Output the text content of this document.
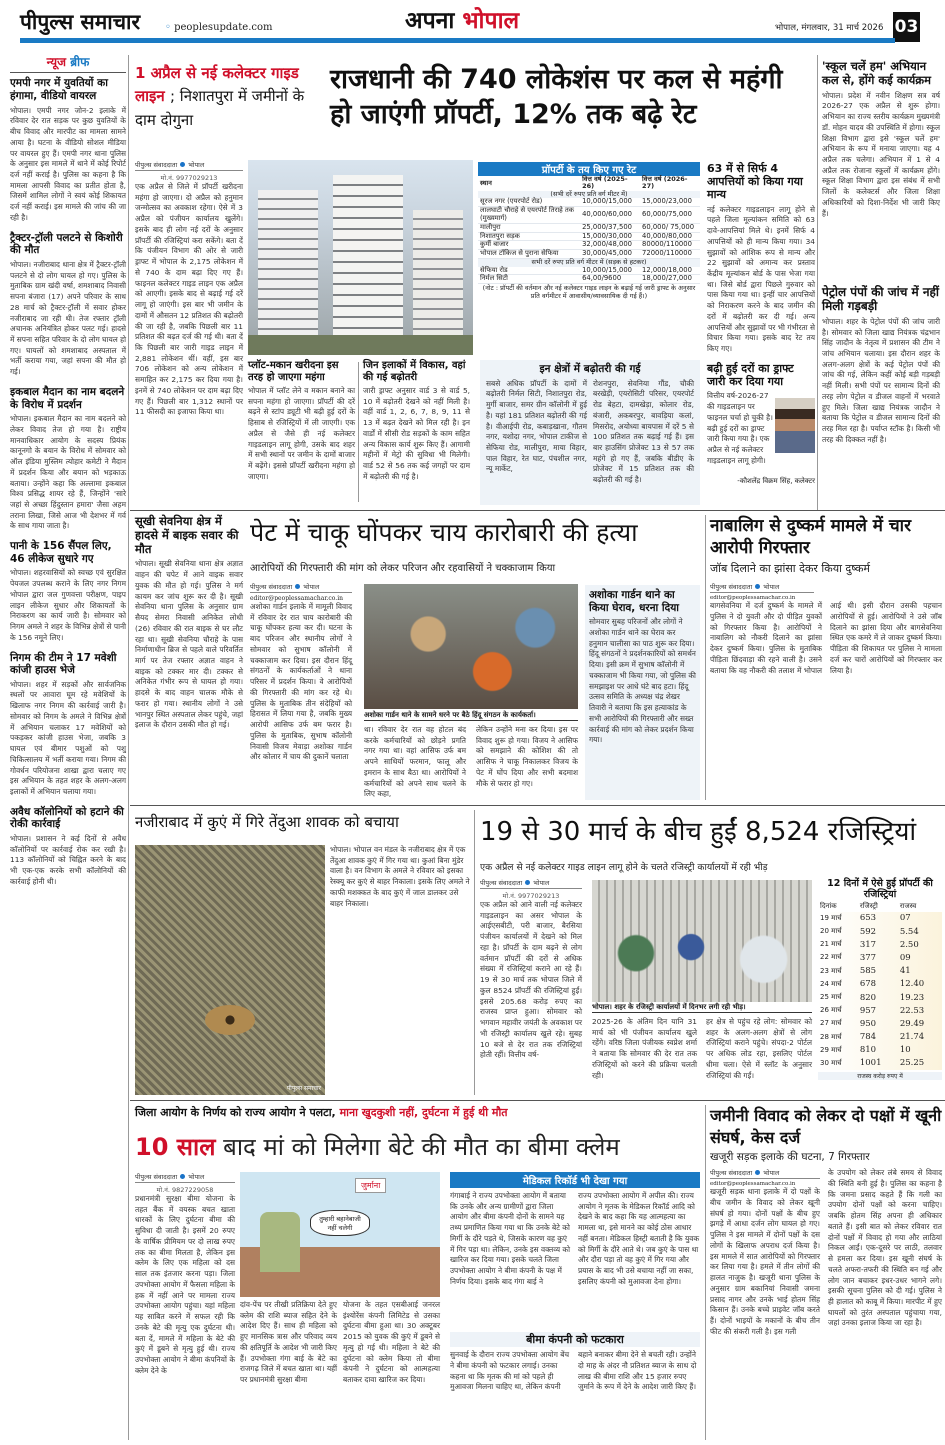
पीपुल्स समाचार ◦ peoplesupdate.com	अपना भोपाल	भोपाल, मंगलवार, 31 मार्च 2026 03
न्यूज ब्रीफ
एमपी नगर में युवतियों का हंगामा, वीडियो वायरल
भोपाल। एमपी नगर जोन-2 इलाके में रविवार देर रात सड़क पर कुछ युवतियों के बीच विवाद और मारपीट का मामला सामने आया है। घटना के वीडियो सोशल मीडिया पर वायरल हुए हैं। एमपी नगर थाना पुलिस के अनुसार इस मामले में थाने में कोई रिपोर्ट दर्ज नहीं कराई है। पुलिस का कहना है कि मामला आपसी विवाद का प्रतीत होता है, जिसमें शामिल लोगों ने स्वयं कोई शिकायत दर्ज नहीं कराई। इस मामले की जांच की जा रही है।
ट्रैक्टर-ट्रॉली पलटने से किशोरी की मौत
भोपाल। नजीराबाद थाना क्षेत्र में ट्रैक्टर-ट्रॉली पलटने से दो लोग घायल हो गए। पुलिस के मुताबिक ग्राम खंदी वर्षा, शमशाबाद निवासी सपना बंजारा (17) अपने परिवार के साथ 28 मार्च को ट्रैक्टर-ट्रॉली में सवार होकर नजीराबाद जा रही थी। तेज रफ्तार ट्रॉली अचानक अनियंत्रित होकर पलट गई। हादसे में सपना सहित परिवार के दो लोग घायल हो गए। घायलों को शमशाबाद अस्पताल में भर्ती कराया गया, जहां सपना की मौत हो गई।
इकबाल मैदान का नाम बदलने के विरोध में प्रदर्शन
भोपाल। इकबाल मैदान का नाम बदलने को लेकर विवाद तेज हो गया है। राष्ट्रीय मानवाधिकार आयोग के सदस्य प्रियंक कानूनगो के बयान के विरोध में सोमवार को ऑल इंडिया मुस्लिम त्योहार कमेटी ने मैदान में प्रदर्शन किया और बयान को भड़काऊ बताया। उन्होंने कहा कि अल्लामा इकबाल विश्व प्रसिद्ध शायर रहे हैं, जिन्होंने 'सारे जहां से अच्छा हिंदुस्तान हमारा' जैसा अहम तराना लिखा, जिसे आज भी देशभर में गर्व के साथ गाया जाता है।
पानी के 156 सैंपल लिए, 46 लीकेज सुधारे गए
भोपाल। शहरवासियों को स्वच्छ एवं सुरक्षित पेयजल उपलब्ध कराने के लिए नगर निगम भोपाल द्वारा जल गुणवत्ता परीक्षण, पाइप लाइन लीकेज सुधार और शिकायतों के निराकरण का कार्य जारी है। सोमवार को निगम अमले ने शहर के विभिन्न क्षेत्रों से पानी के 156 नमूने लिए।
निगम की टीम ने 17 मवेशी कांजी हाउस भेजे
भोपाल। शहर में सड़कों और सार्वजनिक स्थलों पर आवारा घूम रहे मवेशियों के खिलाफ नगर निगम की कार्रवाई जारी है। सोमवार को निगम के अमले ने विभिन्न क्षेत्रों में अभियान चलाकर 17 मवेशियों को पकड़कर कांजी हाउस भेजा, जबकि 3 घायल एवं बीमार पशुओं को पशु चिकित्सालय में भर्ती कराया गया। निगम की गोवर्धन परियोजना शाखा द्वारा चलाए गए इस अभियान के तहत शहर के अलग-अलग इलाकों में अभियान चलाया गया।
अवैध कॉलोनियों को हटाने की रोकी कार्रवाई
भोपाल। प्रशासन ने कई दिनों से अवैध कॉलोनियों पर कार्रवाई रोक कर रखी है। 113 कॉलोनियों को चिह्नित करने के बाद भी एक-एक करके सभी कॉलोनियों की कार्रवाई होनी थी।
1 अप्रैल से नई कलेक्टर गाइड लाइन ; निशातपुरा में जमीनों के दाम दोगुना
राजधानी की 740 लोकेशंस पर कल से महंगी हो जाएंगी प्रॉपर्टी, 12% तक बढ़े रेट
पीपुल्स संवाददाता भोपाल
मो.नं. 9977029213
एक अप्रैल से जिले में प्रॉपर्टी खरीदना महंगा हो जाएगा। दो अप्रैल को हनुमान जन्मोत्सव का अवकाश रहेगा। ऐसे में 3 अप्रैल को पंजीयन कार्यालय खुलेंगे। इसके बाद ही लोग नई दरों के अनुसार प्रॉपर्टी की रजिस्ट्रियां करा सकेंगे। बता दें कि पंजीयन विभाग की ओर से जारी ड्राफ्ट में भोपाल के 2,175 लोकेशन में से 740 के दाम बढ़ा दिए गए हैं। फाइनल कलेक्टर गाइड लाइन एक अप्रैल को आएगी। इसके बाद से बढ़ाई गई दरें लागू हो जाएंगी। इस बार भी जमीन के दामों में औसतन 12 प्रतिशत की बढ़ोतरी की जा रही है, जबकि पिछली बार 11 प्रतिशत की बढ़त दर्ज की गई थी। बता दें कि पिछली बार जारी गाइड लाइन में 2,881 लोकेशन थीं। वहीं, इस बार 706 लोकेशन को अन्य लोकेशन में समाहित कर 2,175 कर दिया गया है। इनमें से 740 लोकेशन पर दाम बढ़ा दिए गए हैं। पिछली बार 1,312 स्थानों पर 11 फीसदी का इजाफा किया था।
प्रॉपर्टी के तय किए गए रेट
स्थान	वित्त वर्ष (2025-26)	वित्त वर्ष (2026-27)
(सभी दरें रुपए प्रति वर्ग मीटर में)		
सूरज नगर (एयरपोर्ट रोड)	10,000/15,000	15,000/23,000
लालघाटी चौराहे से एयरपोर्ट तिराहे तक (मुख्यमार्ग)	40,000/60,000	60,000/75,000
मालीपुरा	25,000/37,500	60,000/ 75,000
निशातपुरा सड़क	15,000/30,000	40,000/80,000
कुर्मी बाजार	32,000/48,000	80000/110000
भोपाल टॉकिज से पुराना सेफिया	30,000/45,000	72000/110000
सभी दरें रुपए प्रति वर्ग मीटर में (सड़क से हटकर)		
सेफिया रोड	10,000/15,000	12,000/18,000
निर्मल सिटी	64,00/9600	18,000/27,000
(नोट : प्रॉपर्टी की वर्तमान और नई कलेक्टर गाइड लाइन के बढ़ाई गई जारी ड्राफ्ट के अनुसार प्रति वर्गमीटर में आवासीय/व्यावसायिक दी गई हैं।)
63 में से सिर्फ 4 आपत्तियों को किया गया मान्य
नई कलेक्टर गाइडलाइन लागू होने से पहले जिला मूल्यांकन समिति को 63 दावे-आपत्तियां मिले थे। इनमें सिर्फ 4 आपत्तियों को ही मान्य किया गया। 34 सुझावों को आंशिक रूप से मान्य और 22 सुझावों को अमान्य कर प्रस्ताव केंद्रीय मूल्यांकन बोर्ड के पास भेजा गया था। जिसे बोर्ड द्वारा पिछले गुरुवार को पास किया गया था। इन्हीं चार आपत्तियों को निराकरण करने के बाद जमीन की दरों में बढ़ोतरी कर दी गई। अन्य आपत्तियों और सुझावों पर भी गंभीरता से विचार किया गया। इसके बाद रेट तय किए गए।
बढ़ी हुई दरों का ड्राफ्ट जारी कर दिया गया
वित्तीय वर्ष-2026-27 की गाइडलाइन पर फाइनल चर्चा हो चुकी है। बढ़ी हुई दरों का ड्राफ्ट जारी किया गया है। एक अप्रैल से नई कलेक्टर गाइडलाइन लागू होगी।
-कौशलेंद्र विक्रम सिंह, कलेक्टर
'स्कूल चलें हम' अभियान कल से, होंगे कई कार्यक्रम
भोपाल। प्रदेश में नवीन शिक्षण सत्र वर्ष 2026-27 एक अप्रैल से शुरू होगा। अभियान का राज्य स्तरीय कार्यक्रम मुख्यमंत्री डॉ. मोहन यादव की उपस्थिति में होगा। स्कूल शिक्षा विभाग द्वारा इसे 'स्कूल चलें हम' अभियान के रूप में मनाया जाएगा। यह 4 अप्रैल तक चलेगा। अभियान में 1 से 4 अप्रैल तक रोजाना स्कूलों में कार्यक्रम होंगे। स्कूल शिक्षा विभाग द्वारा इस संबंध में सभी जिलों के कलेक्टर्स और जिला शिक्षा अधिकारियों को दिशा-निर्देश भी जारी किए हैं।
पेट्रोल पंपों की जांच में नहीं मिली गड़बड़ी
भोपाल। शहर के पेट्रोल पंपों की जांच जारी है। सोमवार को जिला खाद्य नियंत्रक चंद्रभान सिंह जादौन के नेतृत्व में प्रशासन की टीम ने जांच अभियान चलाया। इस दौरान शहर के अलग-अलग क्षेत्रों के कई पेट्रोल पंपों की जांच की गई, लेकिन कहीं कोई बड़ी गड़बड़ी नहीं मिली। सभी पंपों पर सामान्य दिनों की तरह लोग पेट्रोल व डीजल वाहनों में भरवाते हुए मिले। जिला खाद्य नियंत्रक जादौन ने बताया कि पेट्रोल व डीजल सामान्य दिनों की तरह मिल रहा है। पर्याप्त स्टॉक है। किसी भी तरह की दिक्कत नहीं है।
प्लॉट-मकान खरीदना इस तरह हो जाएगा महंगा
भोपाल में प्लॉट लेने व मकान बनाने का सपना महंगा हो जाएगा। प्रॉपर्टी की दरें बढ़ने से स्टांप ड्यूटी भी बढ़ी हुई दरों के हिसाब से रजिस्ट्रियों में ली जाएगी। एक अप्रैल से जैसे ही नई कलेक्टर गाइडलाइन लागू होगी, उसके बाद शहर में सभी स्थानों पर जमीन के दामों बाजार में बढ़ेंगे। इससे प्रॉपर्टी खरीदना महंगा हो जाएगा।
जिन इलाकों में विकास, वहां की गई बढ़ोतरी
जारी ड्राफ्ट अनुसार वार्ड 3 से वार्ड 5, 10 में बढ़ोतरी देखने को नहीं मिली है। वहीं वार्ड 1, 2, 6, 7, 8, 9, 11 से 13 में बढ़त देखने को मिल रही है। इन वार्डों में सीसी रोड सड़कों के काम सहित अन्य विकास कार्य शुरू किए हैं। आगामी महीनों में मेट्रो की सुविधा भी मिलेगी। वार्ड 52 से 56 तक कई जगहों पर दाम में बढ़ोतरी की गई है।
इन क्षेत्रों में बढ़ोतरी की गई
सबसे अधिक प्रॉपर्टी के दामों में बढ़ोतरी निर्मल सिटी, निशातपुरा रोड, मुर्गी बाजार, समर ग्रीन कॉलोनी में हुई है। यहां 181 प्रतिशत बढ़ोतरी की गई है। वीआईपी रोड, कबाड़खाना, गौतम नगर, यशोदा नगर, भोपाल टाकीज से सेफिया रोड, मालीपुरा, माया विहार, पाल विहार, रेत घाट, पंचशील नगर, न्यू मार्केट,
रोशनपुरा, सेवनिया गौंड, चौकी बरखेड़ी, एयरोसिटी परिसर, एयरपोर्ट रोड बेहटा, दामखेड़ा, कोलार रोड, बंजारी, अकबरपुर, बावड़िया कलां, मिसरोद, अयोध्या बायपास में दरें 5 से 100 प्रतिशत तक बढ़ाई गई हैं। इस बार हाउसिंग प्रोजेक्ट 13 से 57 तक महंगे हो गए हैं, जबकि बीडीए के प्रोजेक्ट में 15 प्रतिशत तक की बढ़ोतरी की गई है।
सूखी सेवनिया क्षेत्र में हादसे में बाइक सवार की मौत
भोपाल। सूखी सेवनिया थाना क्षेत्र अज्ञात वाहन की चपेट में आने वाइक सवार युवक की मौत हो गई। पुलिस ने मर्ग कायम कर जांच शुरू कर दी है। सूखी सेवनिया थाना पुलिस के अनुसार ग्राम सैयद सेमरा निवासी अनिकेत लोधी (26) रविवार की रात बाइक से घर लौट रहा था। सूखी सेवनिया चौराहे के पास निर्माणाधीन ब्रिज से पहले वाले परिवर्तित मार्ग पर तेज रफ्तार अज्ञात वाहन ने बाइक को टक्कर मार दी। टक्कर से अनिकेत गंभीर रूप से घायल हो गया। हादसे के बाद वाहन चालक मौके से फरार हो गया। स्थानीय लोगों ने उसे भानपुर स्थित अस्पताल लेकर पहुंचे, जहां इलाज के दौरान उसकी मौत हो गई।
पेट में चाकू घोंपकर चाय कारोबारी की हत्या
आरोपियों की गिरफ्तारी की मांग को लेकर परिजन और रहवासियों ने चक्काजाम किया
पीपुल्स संवाददाता भोपाल
editor@peoplessamachar.co.in
अशोका गार्डन इलाके में मामूली विवाद में रविवार देर रात चाय कारोबारी की चाकू घोंपकर हत्या कर दी। घटना के बाद परिजन और स्थानीय लोगों ने सोमवार को सुभाष कॉलोनी में चक्काजाम कर दिया। इस दौरान हिंदू संगठनों के कार्यकर्ताओं ने थाना परिसर में प्रदर्शन किया। वे आरोपियों की गिरफ्तारी की मांग कर रहे थे। पुलिस के मुताबिक तीन संदेहियों को हिरासत में लिया गया है, जबकि मुख्य आरोपी आसिफ उर्फ बम फरार है। पुलिस के मुताबिक, सुभाष कॉलोनी निवासी विजय मेवाड़ा अशोका गार्डन और कोलार में चाय की दुकानें चलाता
अशोका गार्डन थाने के सामने धरने पर बैठे हिंदू संगठन के कार्यकर्ता।
था। रविवार देर रात वह होटल बंद करके कर्मचारियों को छोड़ने प्रगति नगर गया था। वहां आसिफ उर्फ बम अपने साथियों फरमान, फालू और इमरान के साथ बैठा था। आरोपियों ने कर्मचारियों को अपने साथ चलने के लिए कहा,
लेकिन उन्होंने मना कर दिया। इस पर विवाद शुरू हो गया। विजय ने आसिफ को समझाने की कोशिश की तो आसिफ ने चाकू निकालकर विजय के पेट में घोंप दिया और सभी बदमाश मौके से फरार हो गए।
अशोका गार्डन थाने का किया घेराव, धरना दिया
सोमवार सुबह परिजनों और लोगों ने अशोका गार्डन थाने का घेराव कर हनुमान चालीसा का पाठ शुरू कर दिया। हिंदू संगठनों ने प्रदर्शनकारियों को समर्थन दिया। इसी क्रम में सुभाष कॉलोनी में चक्काजाम भी किया गया, जो पुलिस की समझाइश पर आधे घंटे बाद हटा। हिंदू उत्सव समिति के अध्यक्ष चंद्र शेखर तिवारी ने बताया कि इस हत्याकांड के सभी आरोपियों की गिरफ्तारी और सख्त कार्रवाई की मांग को लेकर प्रदर्शन किया गया।
नाबालिग से दुष्कर्म मामले में चार आरोपी गिरफ्तार
जॉब दिलाने का झांसा देकर किया दुष्कर्म
पीपुल्स संवाददाता भोपाल
editor@peoplessamachar.co.in
बागसेवनिया में दर्ज दुष्कर्म के मामले में पुलिस ने दो युवती और दो पीड़ित युवकों को गिरफ्तार किया है। आरोपियों ने नाबालिग को नौकरी दिलाने का झांसा देकर दुष्कर्म किया। पुलिस के मुताबिक पीड़िता छिंदवाड़ा की रहने वाली है। उसने बताया कि वह नौकरी की तलाश में भोपाल आई थी। इसी दौरान उसकी पहचान आरोपियों से हुई। आरोपियों ने उसे जॉब दिलाने का झांसा दिया और बागसेवनिया स्थित एक कमरे में ले जाकर दुष्कर्म किया। पीड़िता की शिकायत पर पुलिस ने मामला दर्ज कर चारों आरोपियों को गिरफ्तार कर लिया है।
नजीराबाद में कुएं में गिरे तेंदुआ शावक को बचाया
पीपुल्स समाचार
भोपाल। भोपाल वन मंडल के नजीराबाद क्षेत्र में एक तेंदुआ शावक कुएं में गिर गया था। कुआं बिना मुंडेर वाला है। वन विभाग के अमले ने रविवार को इसका रेस्क्यू कर कुएं से बाहर निकाला। इसके लिए अमले ने काफी मशक्कत के बाद कुएं में जाल डालकर उसे बाहर निकाला।
19 से 30 मार्च के बीच हुईं 8,524 रजिस्ट्रियां
एक अप्रैल से नई कलेक्टर गाइड लाइन लागू होने के चलते रजिस्ट्री कार्यालयों में रही भीड़
पीपुल्स संवाददाता भोपाल
मो.नं. 9977029213
एक अप्रैल को आने वाली नई कलेक्टर गाइडलाइन का असर भोपाल के आईएसबीटी, परी बाजार, बैरसिया पंजीयन कार्यालयों में देखने को मिल रहा है। प्रॉपर्टी के दाम बढ़ने से लोग वर्तमान प्रॉपर्टी की दरों से अधिक संख्या में रजिस्ट्रियां कराने आ रहे हैं। 19 से 30 मार्च तक भोपाल जिले में कुल 8524 प्रॉपर्टी की रजिस्ट्रियां हुईं। इससे 205.68 करोड़ रुपए का राजस्व प्राप्त हुआ। सोमवार को भगवान महावीर जयंती के अवकाश पर भी रजिस्ट्री कार्यालय खुले रहे। सुबह 10 बजे से देर रात तक रजिस्ट्रियां होती रहीं। वित्तीय वर्ष-
भोपाल। शहर के रजिस्ट्री कार्यालयों में दिनभर लगी रही भीड़।
2025-26 के अंतिम दिन यानि 31 मार्च को भी पंजीयन कार्यालय खुले रहेंगे। वरिष्ठ जिला पंजीयक स्वप्नेश शर्मा ने बताया कि सोमवार की देर रात तक रजिस्ट्रियों को करने की प्रक्रिया चलती रही।
हर क्षेत्र से पहुंच रहे लोग: सोमवार को शहर के अलग-अलग क्षेत्रों से लोग रजिस्ट्रियां कराने पहुंचे। संपदा-2 पोर्टल पर अधिक लोड रहा, इसलिए पोर्टल धीमा चला। ऐसे में स्लॉट के अनुसार रजिस्ट्रियां की गईं।
12 दिनों में ऐसे हुई प्रॉपर्टी की रजिस्ट्रियां
दिनांक	रजिस्ट्री	राजस्व
19 मार्च	653	07
20 मार्च	592	5.54
21 मार्च	317	2.50
22 मार्च	377	09
23 मार्च	585	41
24 मार्च	678	12.40
25 मार्च	820	19.23
26 मार्च	957	22.53
27 मार्च	950	29.49
28 मार्च	784	21.74
29 मार्च	810	10
30 मार्च	1001	25.25
राजस्व करोड़ रुपए में
जिला आयोग के निर्णय को राज्य आयोग ने पलटा, माना खुदकुशी नहीं, दुर्घटना में हुई थी मौत
10 साल बाद मां को मिलेगा बेटे की मौत का बीमा क्लेम
पीपुल्स संवाददाता भोपाल
मो.नं. 9827229058
प्रधानमंत्री सुरक्षा बीमा योजना के तहत बैंक में वयस्क बचत खाता धारकों के लिए दुर्घटना बीमा की सुविधा दी जाती है। इसमें 20 रुपए के वार्षिक प्रीमियम पर दो लाख रुपए तक का बीमा मिलता है, लेकिन इस क्लेम के लिए एक महिला को दस साल तक इंतजार करना पड़ा। जिला उपभोक्ता आयोग में फैसला महिला के हक में नहीं आने पर मामला राज्य उपभोक्ता आयोग पहुंचा। यहां महिला यह साबित करने में सफल रही कि उनके बेटे की मृत्यु एक दुर्घटना थी। बता दें, मामले में महिला के बेटे की कुएं में डूबने से मृत्यु हुई थी। राज्य उपभोक्ता आयोग ने बीमा कंपनियों के क्लेम देने के
जुर्माना
तुम्हारी बहानेबाजी नहीं चलेगी
दांव-पेंच पर तीखी प्रतिक्रिया देते हुए क्लेम की राशि ब्याज सहित देने के आदेश दिए हैं। साथ ही महिला को हुए मानसिक त्रास और परिवाद व्यय की क्षतिपूर्ति के आदेश भी जारी किए हैं। उपभोक्ता गंगा बाई के बेटे का राजगढ़ जिले में बचत खाता था। यहीं पर प्रधानमंत्री सुरक्षा बीमा
योजना के तहत एसबीआई जनरल इंश्योरेंस कंपनी लिमिटेड से उसका दुर्घटना बीमा हुआ था। 30 अक्टूबर 2015 को युवक की कुएं में डूबने से मृत्यु हो गई थी। महिला ने बेटे की दुर्घटना को क्लेम किया तो बीमा कंपनी ने दुर्घटना को आत्महत्या बताकर दावा खारिज कर दिया।
मेडिकल रिकॉर्ड भी देखा गया
गंगाबाई ने राज्य उपभोक्ता आयोग में बताया कि उनके और अन्य ग्रामीणों द्वारा जिला आयोग और बीमा कंपनी दोनों के सामने यह तथ्य प्रमाणित किया गया था कि उनके बेटे को मिर्गी के दौरे पड़ते थे, जिसके कारण वह कुएं में गिर पड़ा था। लेकिन, उनके इस वक्तव्य को खारिज कर दिया गया। इसके चलते जिला उपभोक्ता आयोग ने बीमा कंपनी के पक्ष में निर्णय दिया। इसके बाद गंगा बाई ने
राज्य उपभोक्ता आयोग में अपील की। राज्य आयोग ने मृतक के मेडिकल रिकॉर्ड आदि को देखने के बाद कहा कि यह आत्महत्या का मामला था, इसे मानने का कोई ठोस आधार नहीं बनता। मेडिकल हिस्ट्री बताती है कि युवक को मिर्गी के दौरे आते थे। जब कुएं के पास था और दौरा पड़ा तो वह कुएं में गिर गया और प्रयास के बाद भी उसे बचाया नहीं जा सका, इसलिए कंपनी को मुआवजा देना होगा।
बीमा कंपनी को फटकारा
सुनवाई के दौरान राज्य उपभोक्ता आयोग बेंच ने बीमा कंपनी को फटकार लगाई। उनका कहना था कि मृतक की मां को पहले ही मुआवजा मिलना चाहिए था, लेकिन कंपनी
बहाने बनाकर बीमा देने से बचती रही। उन्होंने दो माह के अंदर नौ प्रतिशत ब्याज के साथ दो लाख की बीमा राशि और 15 हजार रुपए जुर्माने के रूप में देने के आदेश जारी किए हैं।
जमीनी विवाद को लेकर दो पक्षों में खूनी संघर्ष, केस दर्ज
खजूरी सड़क इलाके की घटना, 7 गिरफ्तार
पीपुल्स संवाददाता भोपाल
editor@peoplessamachar.co.in
खजूरी सड़क थाना इलाके में दो पक्षों के बीच जमीन के विवाद को लेकर खूनी संघर्ष हो गया। दोनों पक्षों के बीच हुए झगड़े में आधा दर्जन लोग घायल हो गए। पुलिस ने इस मामले में दोनों पक्षों के दस लोगों के खिलाफ अपराध दर्ज किया है। इस मामले में सात आरोपियों को गिरफ्तार कर लिया गया है। हमले में तीन लोगों की हालत नाजुक है। खजूरी थाना पुलिस के अनुसार ग्राम बकानियां निवासी जमना प्रसाद नागर और उनके भाई होतम सिंह किसान हैं। उनके बच्चे प्राइवेट जॉब करते हैं। दोनों भाइयों के मकानों के बीच तीन फीट की संकरी गली है। इस गली
के उपयोग को लेकर लंबे समय से विवाद की स्थिति बनी हुई है। पुलिस का कहना है कि जमना प्रसाद कहते हैं कि गली का उपयोग दोनों पक्षों को करना चाहिए। जबकि होतम सिंह अपना ही अधिकार बताते हैं। इसी बात को लेकर रविवार रात दोनों पक्षों में विवाद हो गया और लाठियां निकल आईं। एक-दूसरे पर लाठी, तलवार से हमला कर दिया। इस खूनी संघर्ष के चलते अफरा-तफरी की स्थिति बन गई और लोग जान बचाकर इधर-उधर भागने लगे। इसकी सूचना पुलिस को दी गई। पुलिस ने ही हालात को काबू में किया। मारपीट में हुए घायलों को तुरंत अस्पताल पहुंचाया गया, जहां उनका इलाज किया जा रहा है।
